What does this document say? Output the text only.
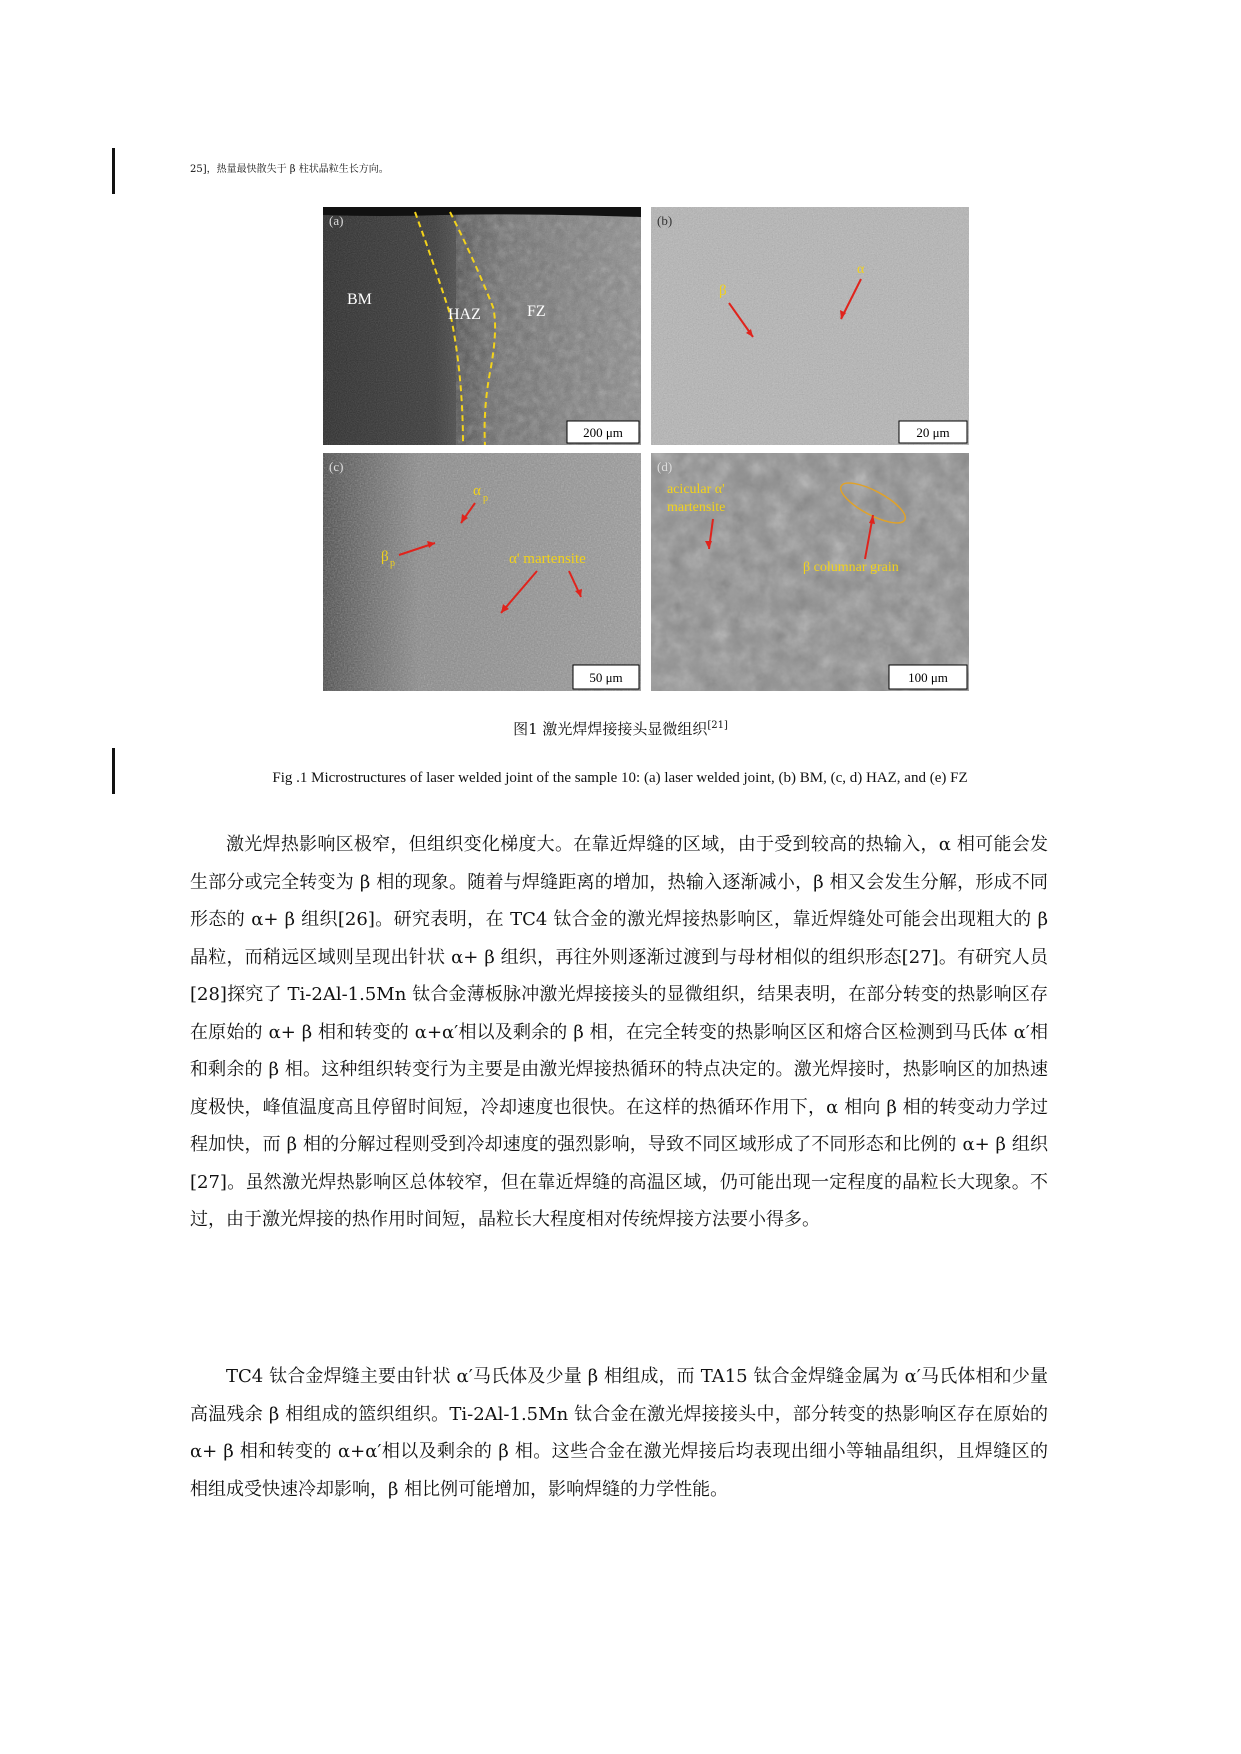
$^{25],热量最快散失于 \beta 柱状晶粒生长方向。}$
(a)
BM
HAZ	FZ
200 μm
(b)
β
α
20 μm
(c)
α p
β p	α' martensite
50 μm
(d)
acicular α'
martensite
β columnar grain
100 μm
图1 激光焊焊接接头显微组织[21]
Fig .1 Microstructures of laser welded joint of the sample 10: (a) laser welded joint, (b) BM, (c, d) HAZ, and (e) FZ

激光焊热影响区极窄，但组织变化梯度大。在靠近焊缝的区域，由于受到较高的热输入，α 相可能会发生部分或完全转变为 β 相的现象。随着与焊缝距离的增加，热输入逐渐减小，β 相又会发生分解，形成不同形态的 α+ β 组织[26]。研究表明，在 TC4 钛合金的激光焊接热影响区，靠近焊缝处可能会出现粗大的 β 晶粒，而稍远区域则呈现出针状 α+ β 组织，再往外则逐渐过渡到与母材相似的组织形态[27]。有研究人员[28]探究了 Ti-2Al-1.5Mn 钛合金薄板脉冲激光焊接接头的显微组织，结果表明，在部分转变的热影响区存在原始的 α+ β 相和转变的 α+α′相以及剩余的 β 相，在完全转变的热影响区区和熔合区检测到马氏体 α′相和剩余的 β 相。这种组织转变行为主要是由激光焊接热循环的特点决定的。激光焊接时，热影响区的加热速度极快，峰值温度高且停留时间短，冷却速度也很快。在这样的热循环作用下，α 相向 β 相的转变动力学过程加快，而 β 相的分解过程则受到冷却速度的强烈影响，导致不同区域形成了不同形态和比例的 α+ β 组织[27]。虽然激光焊热影响区总体较窄，但在靠近焊缝的高温区域，仍可能出现一定程度的晶粒长大现象。不过，由于激光焊接的热作用时间短，晶粒长大程度相对传统焊接方法要小得多。

TC4 钛合金焊缝主要由针状 α′马氏体及少量 β 相组成，而 TA15 钛合金焊缝金属为 α′马氏体相和少量高温残余 β 相组成的篮织组织。Ti-2Al-1.5Mn 钛合金在激光焊接接头中，部分转变的热影响区存在原始的 α+ β 相和转变的 α+α′相以及剩余的 β 相。这些合金在激光焊接后均表现出细小等轴晶组织，且焊缝区的相组成受快速冷却影响，β 相比例可能增加，影响焊缝的力学性能。
